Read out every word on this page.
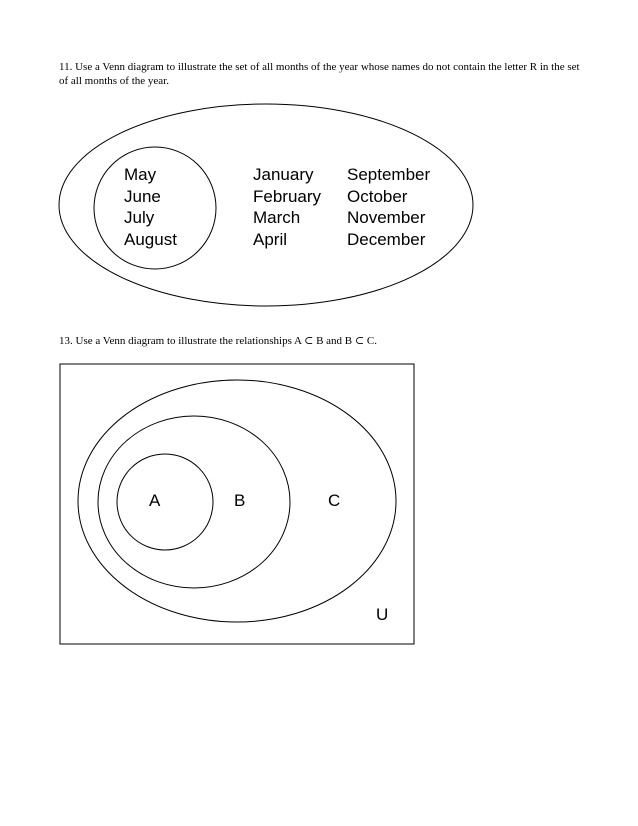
11. Use a Venn diagram to illustrate the set of all months of the year whose names do not contain the letter R in the set of all months of the year.

13. Use a Venn diagram to illustrate the relationships A ⊂ B and B ⊂ C.

May
June
July
August
January
February
March
April
September
October
November
December
A	B	C
U
